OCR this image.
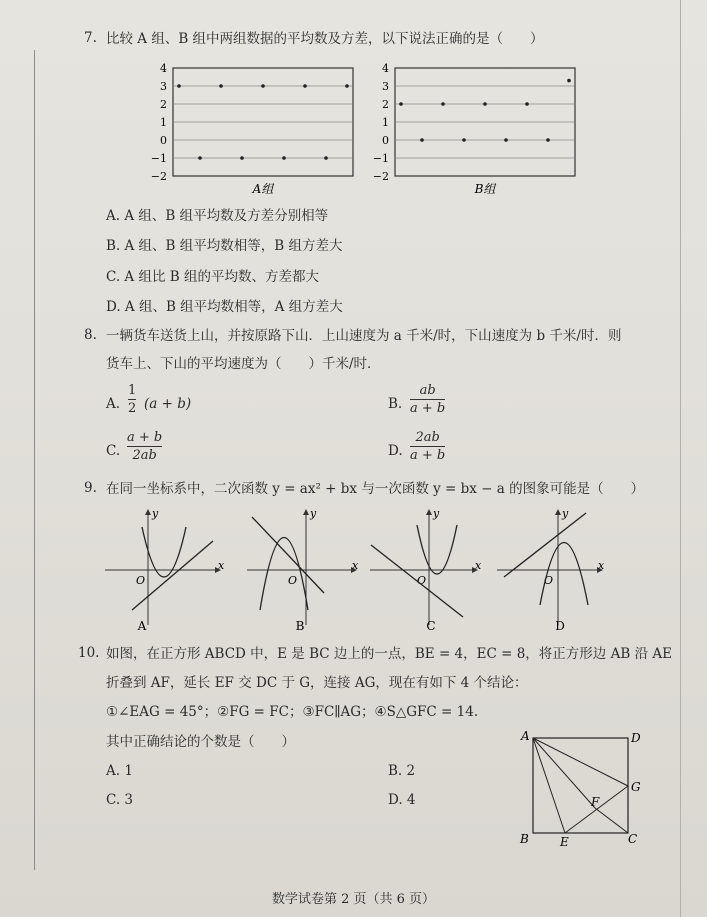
7. 比较 A 组、B 组中两组数据的平均数及方差，以下说法正确的是（　　）
4
3
2
1
0
−1
−2
A组
4
3
2
1
0
−1
−2
B组
A. A 组、B 组平均数及方差分别相等
B. A 组、B 组平均数相等，B 组方差大
C. A 组比 B 组的平均数、方差都大
D. A 组、B 组平均数相等，A 组方差大
8. 一辆货车送货上山，并按原路下山．上山速度为 a 千米/时，下山速度为 b 千米/时．则
货车上、下山的平均速度为（　　）千米/时．
A.
1
2 (a + b)	B.
ab
a + b
C.
a + b
2ab	D.
2ab
a + b
9. 在同一坐标系中，二次函数 y = ax² + bx 与一次函数 y = bx − a 的图象可能是（　　）
y
x
O
A
y
x
O
B
y
x
O
C
y
x
O
D
10. 如图，在正方形 ABCD 中，E 是 BC 边上的一点，BE = 4，EC = 8，将正方形边 AB 沿 AE
折叠到 AF，延长 EF 交 DC 于 G，连接 AG，现在有如下 4 个结论：
①∠EAG = 45°；②FG = FC；③FC∥AG；④S△GFC = 14.
其中正确结论的个数是（　　）
A. 1	B. 2
C. 3	D. 4
A	D
G
F
B	E	C
数学试卷第 2 页（共 6 页）
